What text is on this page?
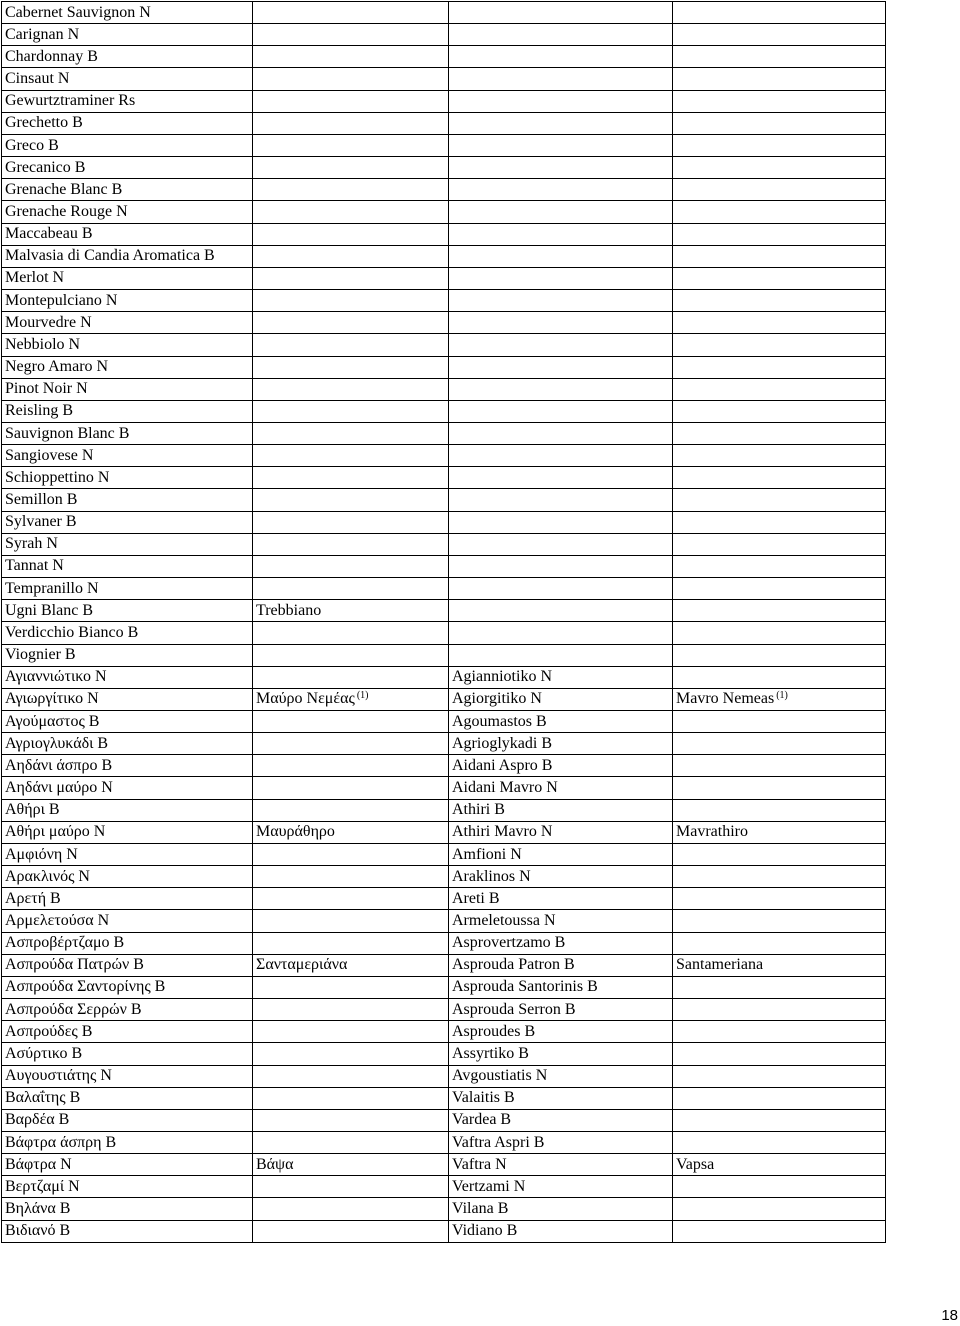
Cabernet Sauvignon N			
Carignan N			
Chardonnay B			
Cinsaut N			
Gewurtztraminer Rs			
Grechetto B			
Greco B			
Grecanico B			
Grenache Blanc B			
Grenache Rouge N			
Maccabeau B			
Malvasia di Candia Aromatica B			
Merlot N			
Montepulciano N			
Mourvedre N			
Nebbiolo N			
Negro Amaro N			
Pinot Noir N			
Reisling B			
Sauvignon Blanc B			
Sangiovese N			
Schioppettino N			
Semillon B			
Sylvaner B			
Syrah N			
Tannat N			
Tempranillo N			
Ugni Blanc B	Trebbiano		
Verdicchio Bianco B			
Viognier B			
Αγιαννιώτικο Ν		Agianniotiko N	
Αγιωργίτικο Ν	Μαύρο Νεμέας $^{(1)}$	Agiorgitiko N	Mavro Nemeas $^{(1)}$
Αγούμαστος Β		Agoumastos B	
Αγριογλυκάδι Β		Agrioglykadi B	
Αηδάνι άσπρο Β		Aidani Aspro B	
Αηδάνι μαύρο Ν		Aidani Mavro N	
Αθήρι Β		Athiri B	
Αθήρι μαύρο Ν	Μαυράθηρο	Athiri Mavro N	Mavrathiro
Αμφιόνη Ν		Amfioni N	
Αρακλινός Ν		Araklinos N	
Αρετή Β		Areti B	
Αρμελετούσα Ν		Armeletoussa N	
Ασπροβέρτζαμο Β		Asprovertzamo B	
Ασπρούδα Πατρών Β	Σανταμεριάνα	Asprouda Patron B	Santameriana
Ασπρούδα Σαντορίνης Β		Asprouda Santorinis B	
Ασπρούδα Σερρών Β		Asprouda Serron B	
Ασπρούδες Β		Asproudes B	
Ασύρτικο Β		Assyrtiko B	
Αυγουστιάτης Ν		Avgoustiatis N	
Βαλαΐτης Β		Valaitis B	
Βαρδέα Β		Vardea B	
Βάφτρα άσπρη Β		Vaftra Aspri B	
Βάφτρα Ν	Βάψα	Vaftra N	Vapsa
Βερτζαμί Ν		Vertzami N	
Βηλάνα Β		Vilana B	
Βιδιανό Β		Vidiano B	
18
